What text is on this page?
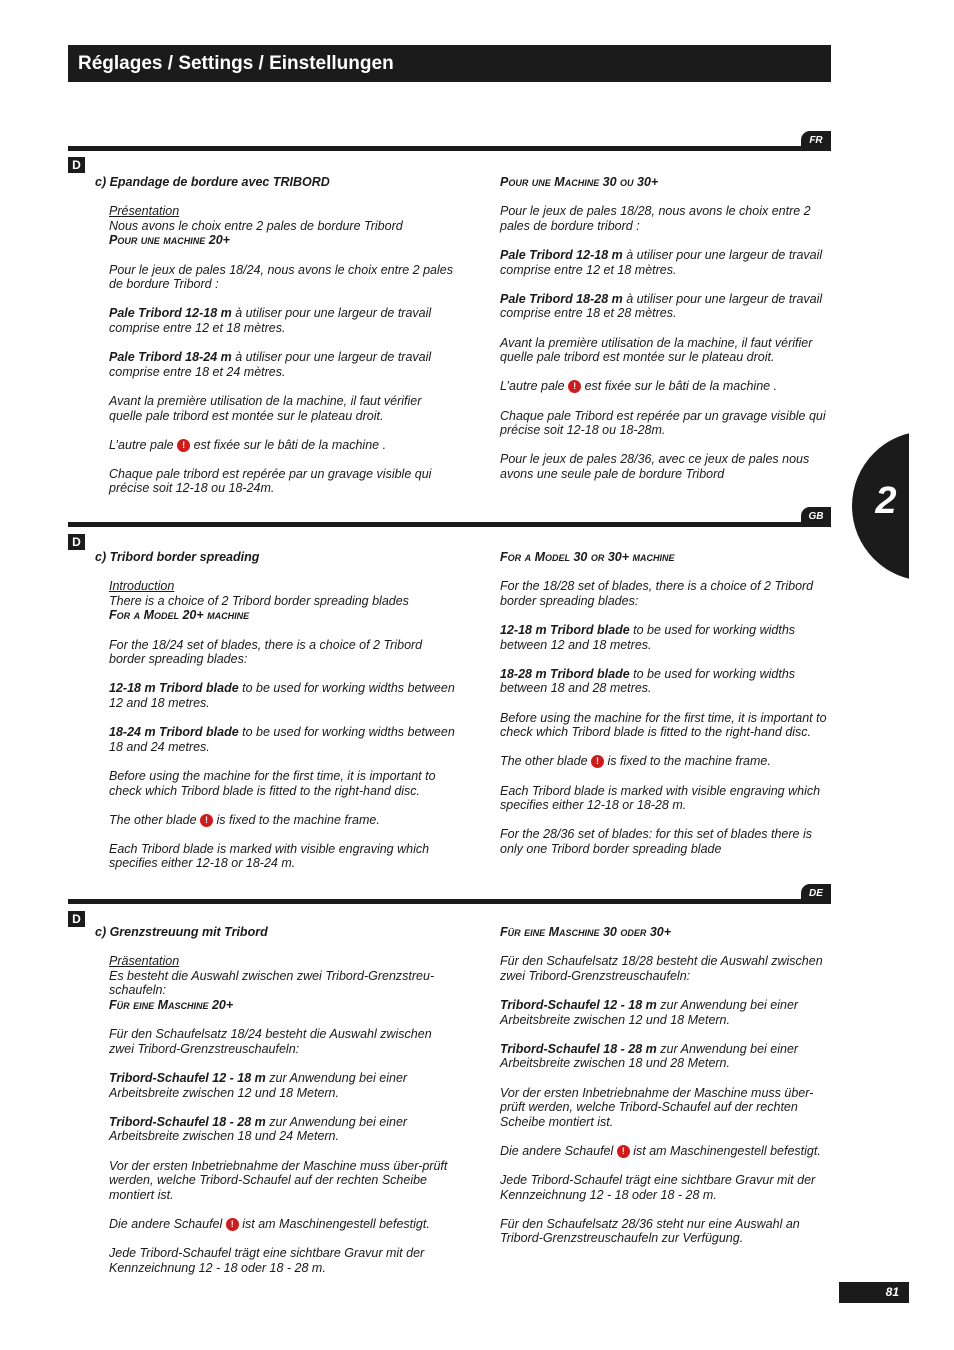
Réglages / Settings / Einstellungen
2
FR
D

c) Epandage de bordure avec TRIBORD

Présentation

Nous avons le choix entre 2 pales de bordure Tribord

Pour une machine 20+

Pour le jeux de pales 18/24, nous avons le choix entre 2 pales de bordure Tribord :

Pale Tribord 12-18 m à utiliser pour une largeur de travail comprise entre 12 et 18 mètres.

Pale Tribord 18-24 m à utiliser pour une largeur de travail comprise entre 18 et 24 mètres.

Avant la première utilisation de la machine, il faut vérifier quelle pale tribord est montée sur le plateau droit.

L’autre pale ! est fixée sur le bâti de la machine .

Chaque pale tribord est repérée par un gravage visible qui précise soit 12-18 ou 18-24m.

Pour une Machine 30 ou 30+

Pour le jeux de pales 18/28, nous avons le choix entre 2 pales de bordure tribord :

Pale Tribord 12-18 m à utiliser pour une largeur de travail comprise entre 12 et 18 mètres.

Pale Tribord 18-28 m à utiliser pour une largeur de travail comprise entre 18 et 28 mètres.

Avant la première utilisation de la machine, il faut vérifier quelle pale tribord est montée sur le plateau droit.

L’autre pale ! est fixée sur le bâti de la machine .

Chaque pale Tribord est repérée par un gravage visible qui précise soit 12-18 ou 18-28m.

Pour le jeux de pales 28/36, avec ce jeux de pales nous avons une seule pale de bordure Tribord

GB
D

c) Tribord border spreading

Introduction

There is a choice of 2 Tribord border spreading blades

For a Model 20+ machine

For the 18/24 set of blades, there is a choice of 2 Tribord border spreading blades:

12-18 m Tribord blade to be used for working widths between 12 and 18 metres.

18-24 m Tribord blade to be used for working widths between 18 and 24 metres.

Before using the machine for the first time, it is important to check which Tribord blade is fitted to the right-hand disc.

The other blade ! is fixed to the machine frame.

Each Tribord blade is marked with visible engraving which specifies either 12-18 or 18-24 m.

For a Model 30 or 30+ machine

For the 18/28 set of blades, there is a choice of 2 Tribord border spreading blades:

12-18 m Tribord blade to be used for working widths between 12 and 18 metres.

18-28 m Tribord blade to be used for working widths between 18 and 28 metres.

Before using the machine for the first time, it is important to check which Tribord blade is fitted to the right-hand disc.

The other blade ! is fixed to the machine frame.

Each Tribord blade is marked with visible engraving which specifies either 12-18 or 18-28 m.

For the 28/36 set of blades: for this set of blades there is only one Tribord border spreading blade

DE
D

c) Grenzstreuung mit Tribord

Präsentation

Es besteht die Auswahl zwischen zwei Tribord-Grenzstreu-schaufeln:

Für eine Maschine 20+

Für den Schaufelsatz 18/24 besteht die Auswahl zwischen zwei Tribord-Grenzstreuschaufeln:

Tribord-Schaufel 12 - 18 m zur Anwendung bei einer Arbeitsbreite zwischen 12 und 18 Metern.

Tribord-Schaufel 18 - 28 m zur Anwendung bei einer Arbeitsbreite zwischen 18 und 24 Metern.

Vor der ersten Inbetriebnahme der Maschine muss über-prüft werden, welche Tribord-Schaufel auf der rechten Scheibe montiert ist.

Die andere Schaufel ! ist am Maschinengestell befestigt.

Jede Tribord-Schaufel trägt eine sichtbare Gravur mit der Kennzeichnung 12 - 18 oder 18 - 28 m.

Für eine Maschine 30 oder 30+

Für den Schaufelsatz 18/28 besteht die Auswahl zwischen zwei Tribord-Grenzstreuschaufeln:

Tribord-Schaufel 12 - 18 m zur Anwendung bei einer Arbeitsbreite zwischen 12 und 18 Metern.

Tribord-Schaufel 18 - 28 m zur Anwendung bei einer Arbeitsbreite zwischen 18 und 28 Metern.

Vor der ersten Inbetriebnahme der Maschine muss über-prüft werden, welche Tribord-Schaufel auf der rechten Scheibe montiert ist.

Die andere Schaufel ! ist am Maschinengestell befestigt.

Jede Tribord-Schaufel trägt eine sichtbare Gravur mit der Kennzeichnung 12 - 18 oder 18 - 28 m.

Für den Schaufelsatz 28/36 steht nur eine Auswahl an Tribord-Grenzstreuschaufeln zur Verfügung.

81
